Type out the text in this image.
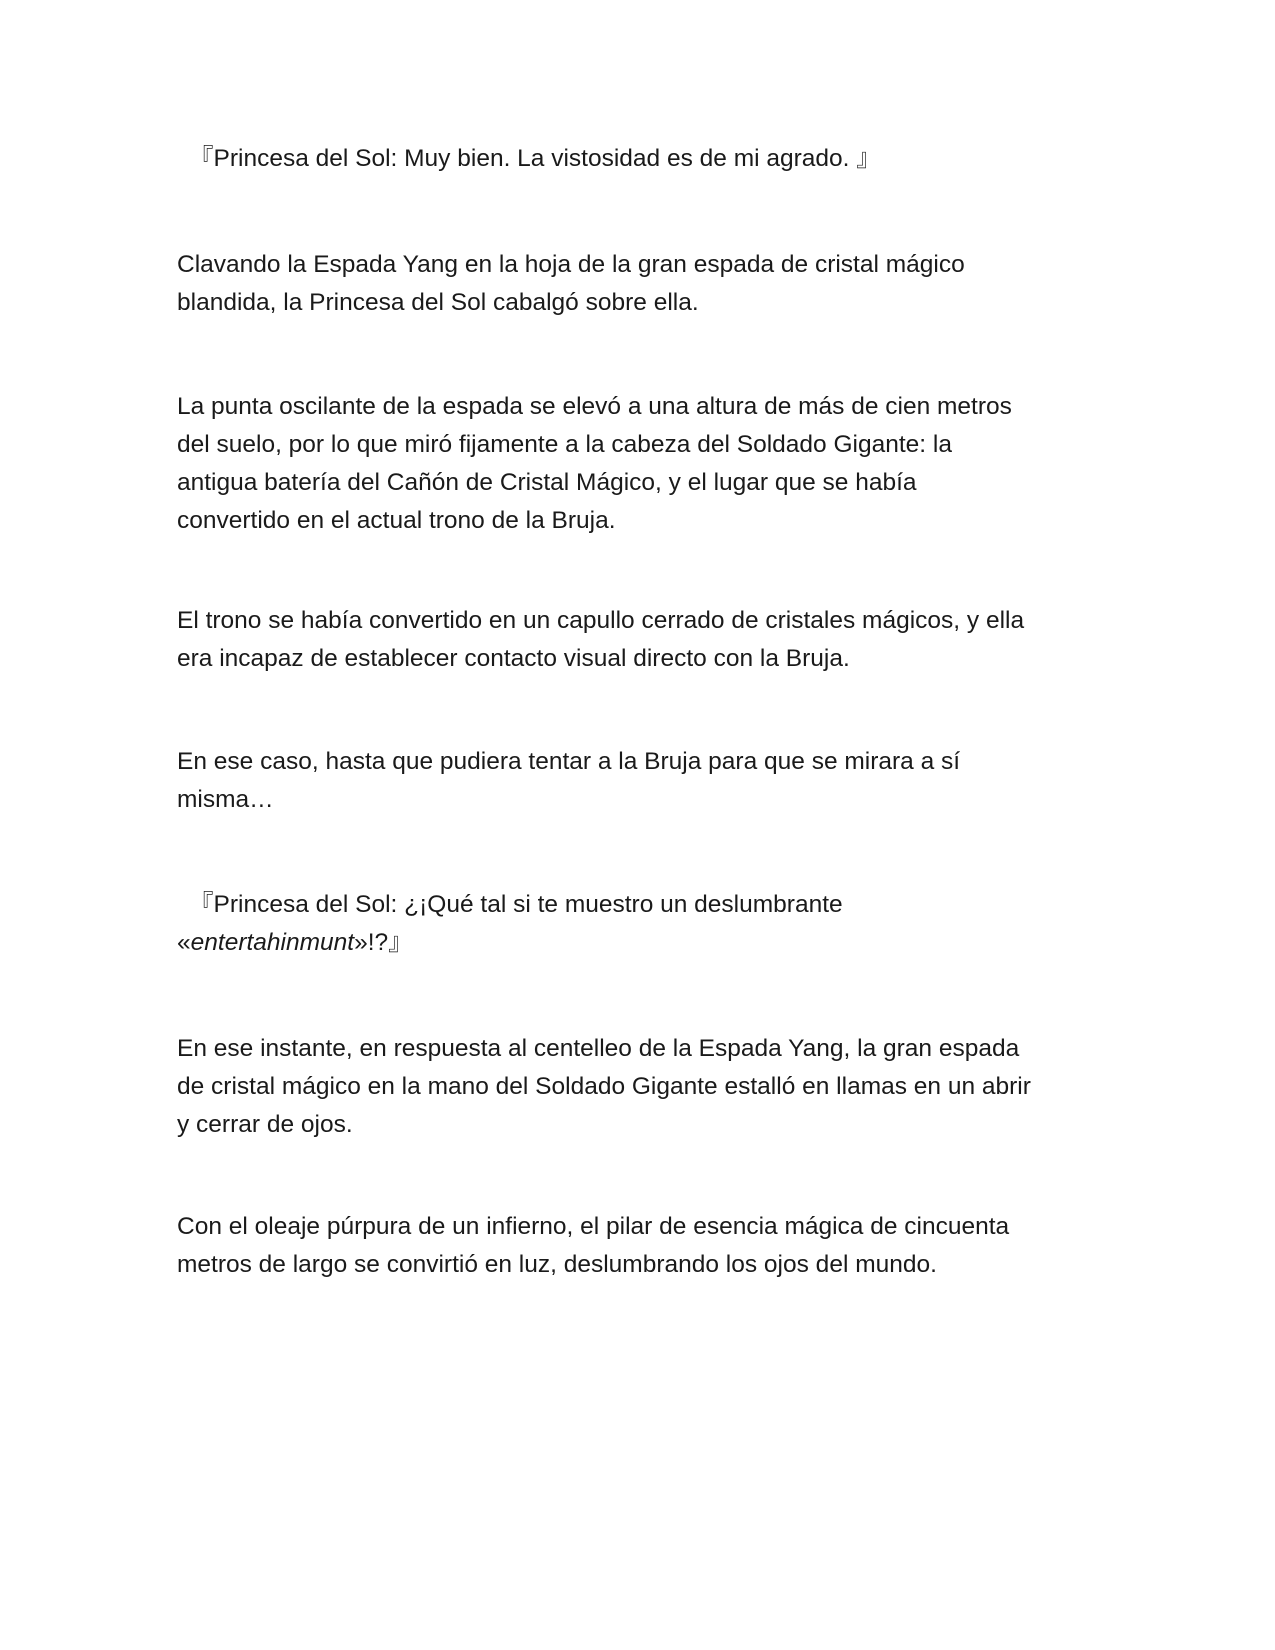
『Princesa del Sol: Muy bien. La vistosidad es de mi agrado. 』

Clavando la Espada Yang en la hoja de la gran espada de cristal mágico
blandida, la Princesa del Sol cabalgó sobre ella.

La punta oscilante de la espada se elevó a una altura de más de cien metros
del suelo, por lo que miró fijamente a la cabeza del Soldado Gigante: la
antigua batería del Cañón de Cristal Mágico, y el lugar que se había
convertido en el actual trono de la Bruja.

El trono se había convertido en un capullo cerrado de cristales mágicos, y ella
era incapaz de establecer contacto visual directo con la Bruja.

En ese caso, hasta que pudiera tentar a la Bruja para que se mirara a sí
misma…

『Princesa del Sol: ¿¡Qué tal si te muestro un deslumbrante
«entertahinmunt»!?』

En ese instante, en respuesta al centelleo de la Espada Yang, la gran espada
de cristal mágico en la mano del Soldado Gigante estalló en llamas en un abrir
y cerrar de ojos.

Con el oleaje púrpura de un infierno, el pilar de esencia mágica de cincuenta
metros de largo se convirtió en luz, deslumbrando los ojos del mundo.
